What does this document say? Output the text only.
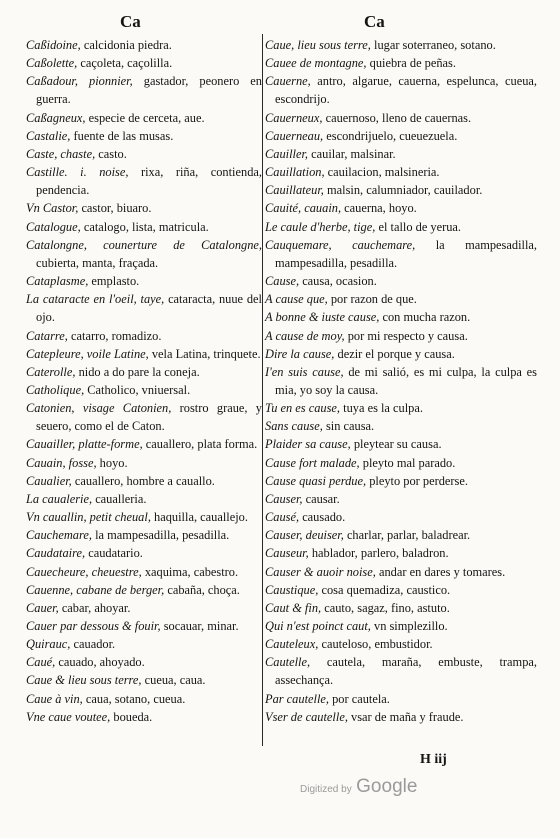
Ca	Ca
Caßidoine, calcidonia piedra.
Caßolette, caçoleta, caçolilla.
Caßadour, pionnier, gastador, peonero en guerra.
Caßagneux, especie de cerceta, aue.
Castalie, fuente de las musas.
Caste, chaste, casto.
Castille. i. noise, rixa, riña, contienda, pendencia.
Vn Castor, castor, biuaro.
Catalogue, catalogo, lista, matricula.
Catalongne, counerture de Catalongne, cubierta, manta, fraçada.
Cataplasme, emplasto.
La cataracte en l'oeil, taye, cataracta, nuue del ojo.
Catarre, catarro, romadizo.
Catepleure, voile Latine, vela Latina, trinquete.
Caterolle, nido a do pare la coneja.
Catholique, Catholico, vniuersal.
Catonien, visage Catonien, rostro graue, y seuero, como el de Caton.
Cauailler, platte-forme, cauallero, plata forma.
Cauain, fosse, hoyo.
Caualier, cauallero, hombre a cauallo.
La caualerie, caualleria.
Vn cauallin, petit cheual, haquilla, cauallejo.
Cauchemare, la mampesadilla, pesadilla.
Caudataire, caudatario.
Cauecheure, cheuestre, xaquima, cabestro.
Cauenne, cabane de berger, cabaña, choça.
Cauer, cabar, ahoyar.
Cauer par dessous & fouir, socauar, minar.
Quirauc, cauador.
Caué, cauado, ahoyado.
Caue & lieu sous terre, cueua, caua.
Caue à vin, caua, sotano, cueua.
Vne caue voutee, boueda.
Caue, lieu sous terre, lugar soterraneo, sotano.
Cauee de montagne, quiebra de peñas.
Cauerne, antro, algarue, cauerna, espelunca, cueua, escondrijo.
Cauerneux, cauernoso, lleno de cauernas.
Cauerneau, escondrijuelo, cueuezuela.
Cauiller, cauilar, malsinar.
Cauillation, cauilacion, malsineria.
Cauillateur, malsin, calumniador, cauilador.
Cauité, cauain, cauerna, hoyo.
Le caule d'herbe, tige, el tallo de yerua.
Cauquemare, cauchemare, la mampesadilla, mampesadilla, pesadilla.
Cause, causa, ocasion.
A cause que, por razon de que.
A bonne & iuste cause, con mucha razon.
A cause de moy, por mi respecto y causa.
Dire la cause, dezir el porque y causa.
I'en suis cause, de mi salió, es mi culpa, la culpa es mia, yo soy la causa.
Tu en es cause, tuya es la culpa.
Sans cause, sin causa.
Plaider sa cause, pleytear su causa.
Cause fort malade, pleyto mal parado.
Cause quasi perdue, pleyto por perderse.
Causer, causar.
Causé, causado.
Causer, deuiser, charlar, parlar, baladrear.
Causeur, hablador, parlero, baladron.
Causer & auoir noise, andar en dares y tomares.
Caustique, cosa quemadiza, caustico.
Caut & fin, cauto, sagaz, fino, astuto.
Qui n'est poinct caut, vn simplezillo.
Cauteleux, cauteloso, embustidor.
Cautelle, cautela, maraña, embuste, trampa, assechança.
Par cautelle, por cautela.
Vser de cautelle, vsar de maña y fraude.
H iij
Digitized by Google
